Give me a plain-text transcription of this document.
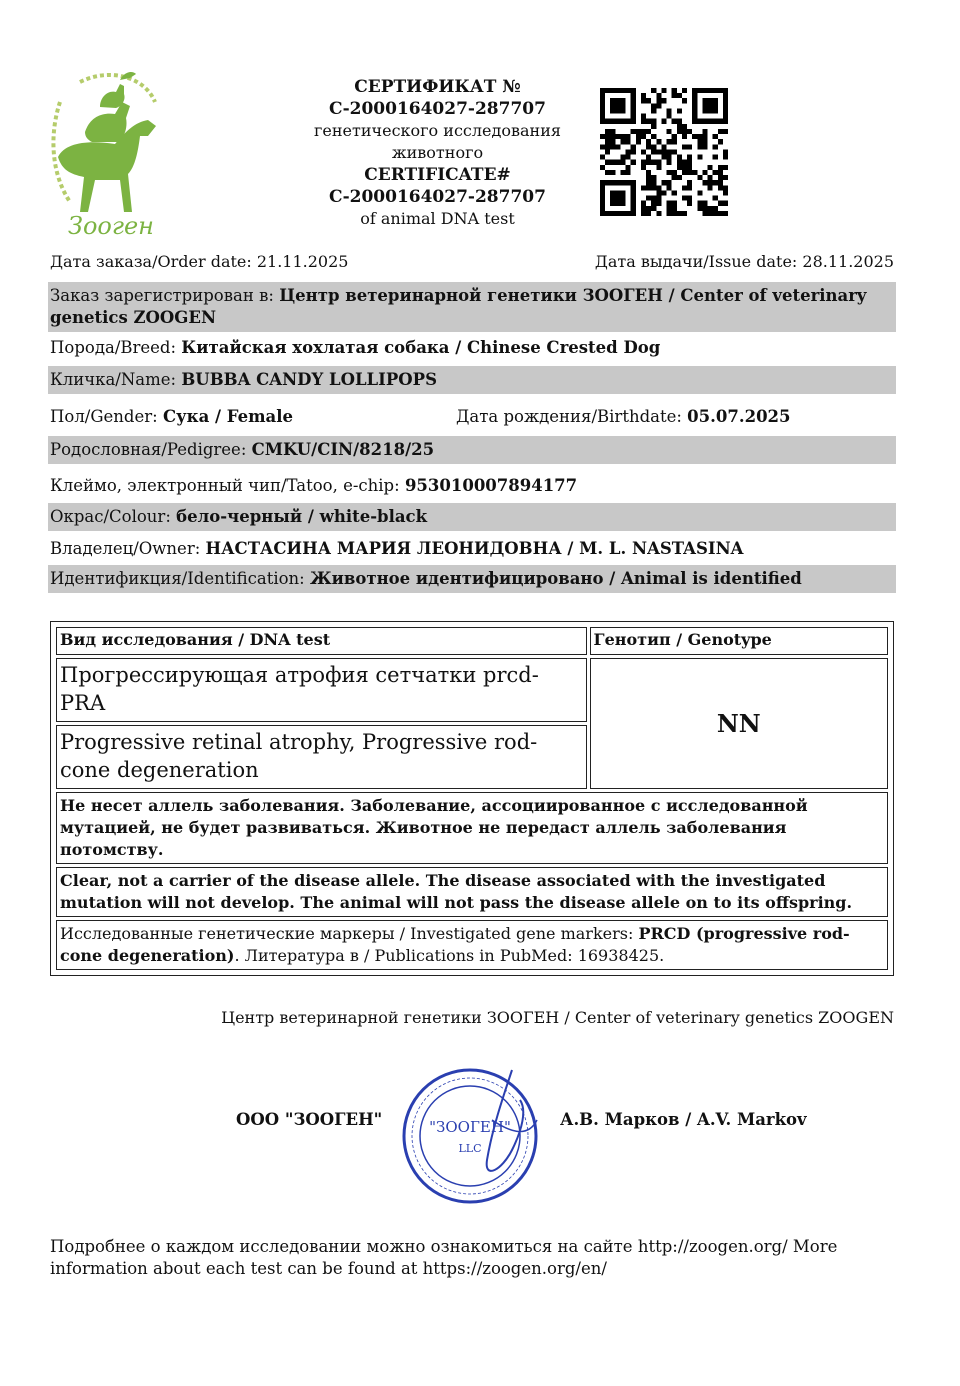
Зооген
СЕРТИФИКАТ №
C-2000164027-287707
генетического исследования
животного
CERTIFICATE#
C-2000164027-287707
of animal DNA test
Дата заказа/Order date: 21.11.2025	Дата выдачи/Issue date: 28.11.2025
Заказ зарегистрирован в: Центр ветеринарной генетики ЗООГЕН / Center of veterinary genetics ZOOGEN
Порода/Breed: Китайская хохлатая собака / Chinese Crested Dog
Кличка/Name: BUBBA CANDY LOLLIPOPS
Пол/Gender: Сука / Female	Дата рождения/Birthdate: 05.07.2025
Родословная/Pedigree: CMKU/CIN/8218/25
Клеймо, электронный чип/Tatoo, e-chip: 953010007894177
Окрас/Colour: бело-черный / white-black
Владелец/Owner: НАСТАСИНА МАРИЯ ЛЕОНИДОВНА / M. L. NASTASINA
Идентификция/Identification: Животное идентифицировано / Animal is identified
Вид исследования / DNA test	Генотип / Genotype
Прогрессирующая атрофия сетчатки prcd-PRA	NN
Progressive retinal atrophy, Progressive rod-cone degeneration	
Не несет аллель заболевания. Заболевание, ассоциированное с исследованной мутацией, не будет развиваться. Животное не передаст аллель заболевания потомству.	
Clear, not a carrier of the disease allele. The disease associated with the investigated mutation will not develop. The animal will not pass the disease allele on to its offspring.	
Исследованные генетические маркеры / Investigated gene markers: PRCD (progressive rod-cone degeneration). Литература в / Publications in PubMed: 16938425.	
Центр ветеринарной генетики ЗООГЕН / Center of veterinary genetics ZOOGEN
ООО "ЗООГЕН"	"ЗООГЕН"
LLC
А.В. Марков / A.V. Markov
Подробнее о каждом исследовании можно ознакомиться на сайте http://zoogen.org/ More information about each test can be found at https://zoogen.org/en/
